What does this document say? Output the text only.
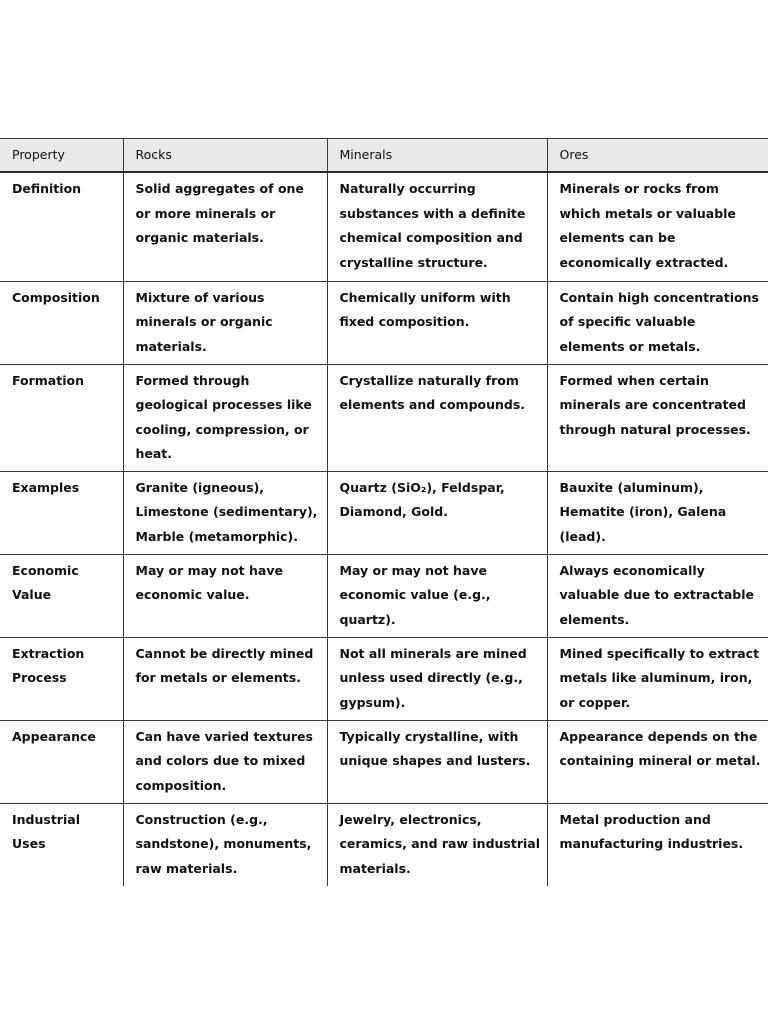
Property	Rocks	Minerals	Ores
Definition	Solid aggregates of one or more minerals or organic materials.	Naturally occurring substances with a definite chemical composition and crystalline structure.	Minerals or rocks from which metals or valuable elements can be economically extracted.
Composition	Mixture of various minerals or organic materials.	Chemically uniform with fixed composition.	Contain high concentrations of specific valuable elements or metals.
Formation	Formed through geological processes like cooling, compression, or heat.	Crystallize naturally from elements and compounds.	Formed when certain minerals are concentrated through natural processes.
Examples	Granite (igneous), Limestone (sedimentary), Marble (metamorphic).	Quartz (SiO₂), Feldspar, Diamond, Gold.	Bauxite (aluminum), Hematite (iron), Galena (lead).
Economic Value	May or may not have economic value.	May or may not have economic value (e.g., quartz).	Always economically valuable due to extractable elements.
Extraction Process	Cannot be directly mined for metals or elements.	Not all minerals are mined unless used directly (e.g., gypsum).	Mined specifically to extract metals like aluminum, iron, or copper.
Appearance	Can have varied textures and colors due to mixed composition.	Typically crystalline, with unique shapes and lusters.	Appearance depends on the containing mineral or metal.
Industrial Uses	Construction (e.g., sandstone), monuments, raw materials.	Jewelry, electronics, ceramics, and raw industrial materials.	Metal production and manufacturing industries.
